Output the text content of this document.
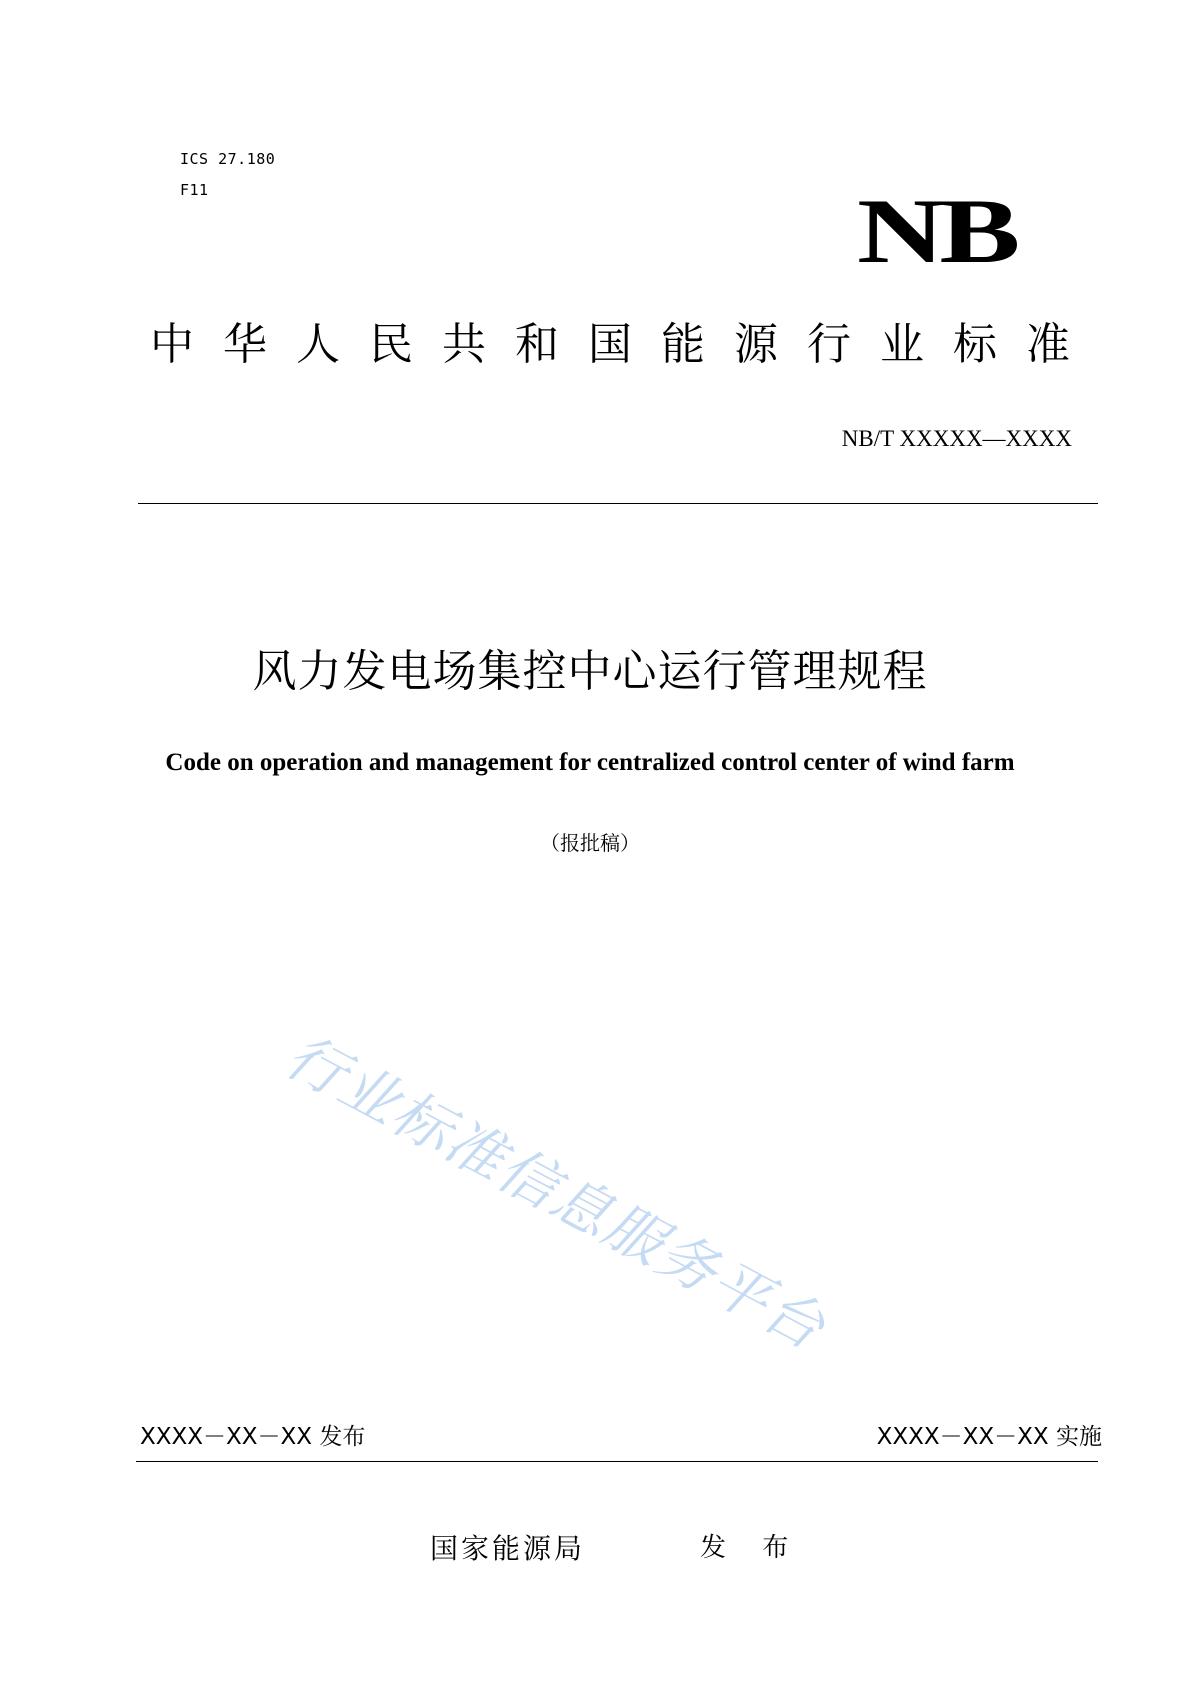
ICS 27.180
F11	NB
中华人民共和国能源行业标准
NB/T XXXXX—XXXX
风力发电场集控中心运行管理规程
Code on operation and management for centralized control center of wind farm
（报批稿）
行业标准信息服务平台
XXXX－XX－XX 发布	XXXX－XX－XX 实施
国家能源局	发 布
